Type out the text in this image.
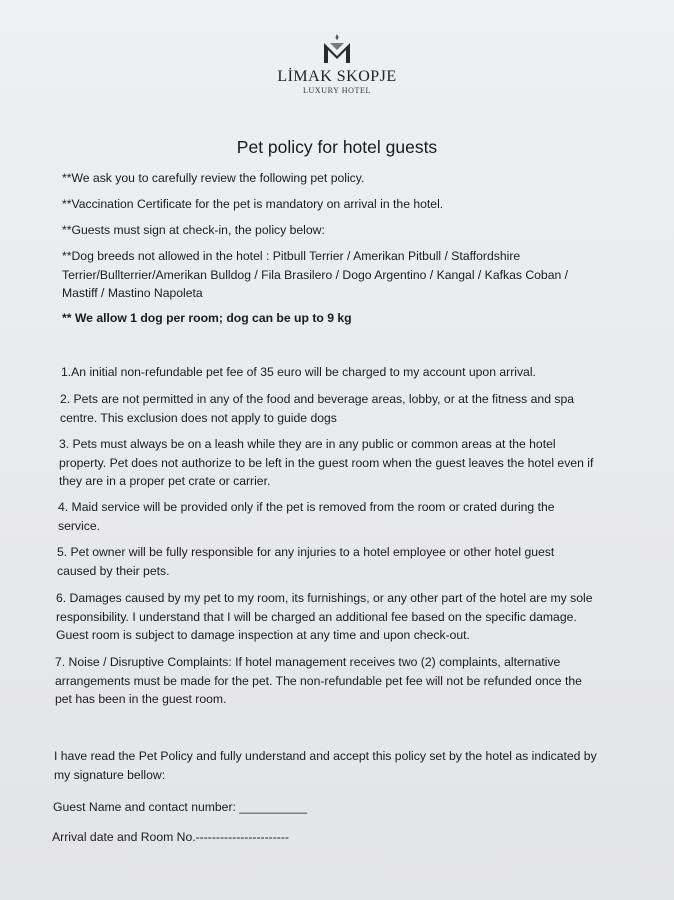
LİMAK SKOPJE
LUXURY HOTEL
Pet policy for hotel guests
**We ask you to carefully review the following pet policy.
**Vaccination Certificate for the pet is mandatory on arrival in the hotel.
**Guests must sign at check-in, the policy below:
**Dog breeds not allowed in the hotel : Pitbull Terrier / Amerikan Pitbull / Staffordshire
Terrier/Bullterrier/Amerikan Bulldog / Fila Brasilero / Dogo Argentino / Kangal / Kafkas Coban /
Mastiff / Mastino Napoleta
** We allow 1 dog per room; dog can be up to 9 kg
1.An initial non-refundable pet fee of 35 euro will be charged to my account upon arrival.
2. Pets are not permitted in any of the food and beverage areas, lobby, or at the fitness and spa
centre. This exclusion does not apply to guide dogs
3. Pets must always be on a leash while they are in any public or common areas at the hotel
property. Pet does not authorize to be left in the guest room when the guest leaves the hotel even if
they are in a proper pet crate or carrier.
4. Maid service will be provided only if the pet is removed from the room or crated during the
service.
5. Pet owner will be fully responsible for any injuries to a hotel employee or other hotel guest
caused by their pets.
6. Damages caused by my pet to my room, its furnishings, or any other part of the hotel are my sole
responsibility. I understand that I will be charged an additional fee based on the specific damage.
Guest room is subject to damage inspection at any time and upon check-out.
7. Noise / Disruptive Complaints: If hotel management receives two (2) complaints, alternative
arrangements must be made for the pet. The non-refundable pet fee will not be refunded once the
pet has been in the guest room.
I have read the Pet Policy and fully understand and accept this policy set by the hotel as indicated by
my signature bellow:
Guest Name and contact number: __________
Arrival date and Room No.-----------------------
